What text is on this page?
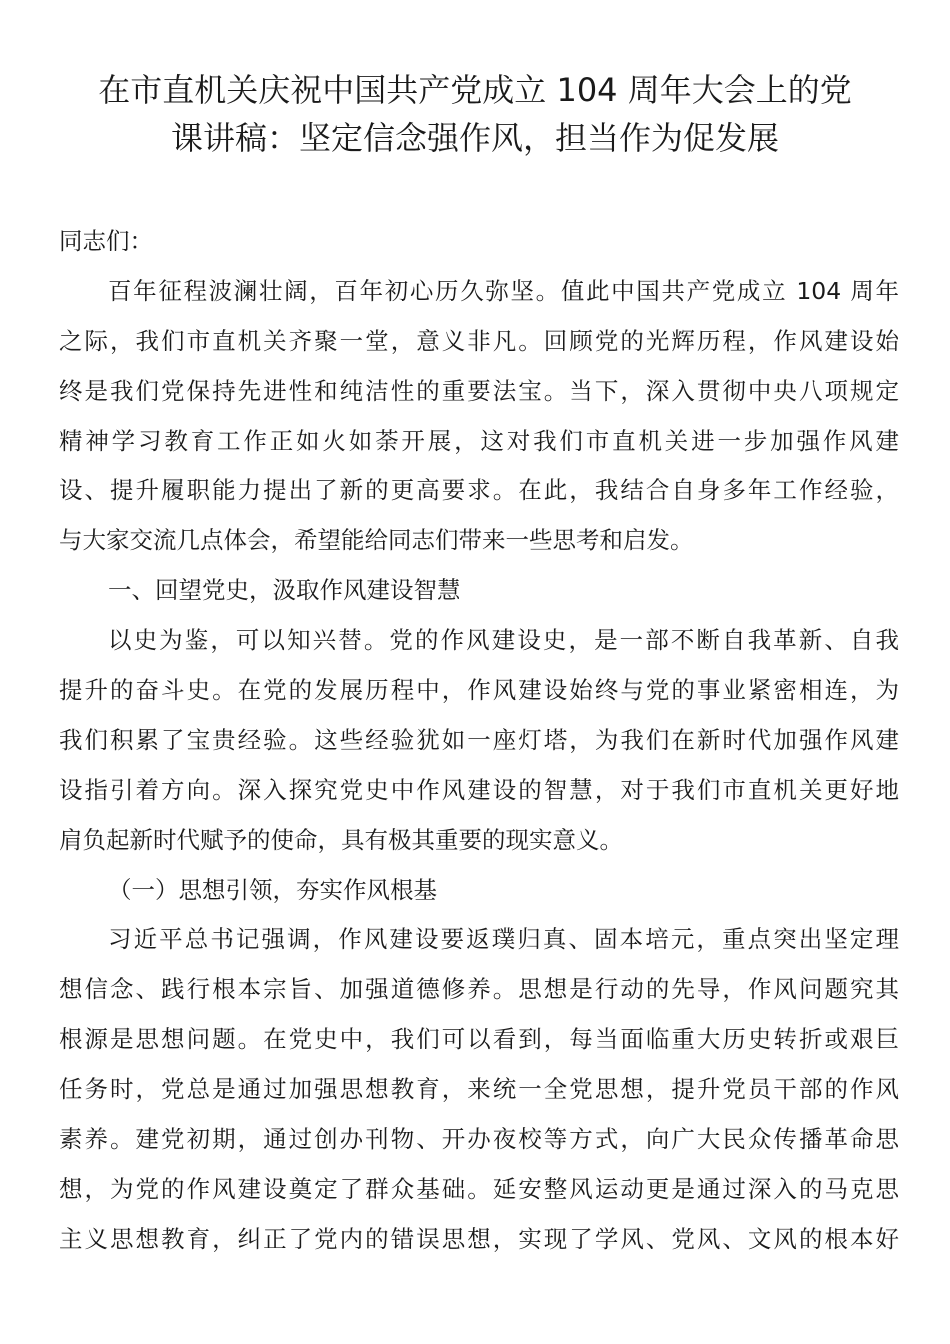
在市直机关庆祝中国共产党成立 104 周年大会上的党
课讲稿：坚定信念强作风，担当作为促发展
同志们：
百年征程波澜壮阔，百年初心历久弥坚。值此中国共产党成立 104 周年
之际，我们市直机关齐聚一堂，意义非凡。回顾党的光辉历程，作风建设始
终是我们党保持先进性和纯洁性的重要法宝。当下，深入贯彻中央八项规定
精神学习教育工作正如火如荼开展，这对我们市直机关进一步加强作风建
设、提升履职能力提出了新的更高要求。在此，我结合自身多年工作经验，
与大家交流几点体会，希望能给同志们带来一些思考和启发。
一、回望党史，汲取作风建设智慧
以史为鉴，可以知兴替。党的作风建设史，是一部不断自我革新、自我
提升的奋斗史。在党的发展历程中，作风建设始终与党的事业紧密相连，为
我们积累了宝贵经验。这些经验犹如一座灯塔，为我们在新时代加强作风建
设指引着方向。深入探究党史中作风建设的智慧，对于我们市直机关更好地
肩负起新时代赋予的使命，具有极其重要的现实意义。
（一）思想引领，夯实作风根基
习近平总书记强调，作风建设要返璞归真、固本培元，重点突出坚定理
想信念、践行根本宗旨、加强道德修养。思想是行动的先导，作风问题究其
根源是思想问题。在党史中，我们可以看到，每当面临重大历史转折或艰巨
任务时，党总是通过加强思想教育，来统一全党思想，提升党员干部的作风
素养。建党初期，通过创办刊物、开办夜校等方式，向广大民众传播革命思
想，为党的作风建设奠定了群众基础。延安整风运动更是通过深入的马克思
主义思想教育，纠正了党内的错误思想，实现了学风、党风、文风的根本好
